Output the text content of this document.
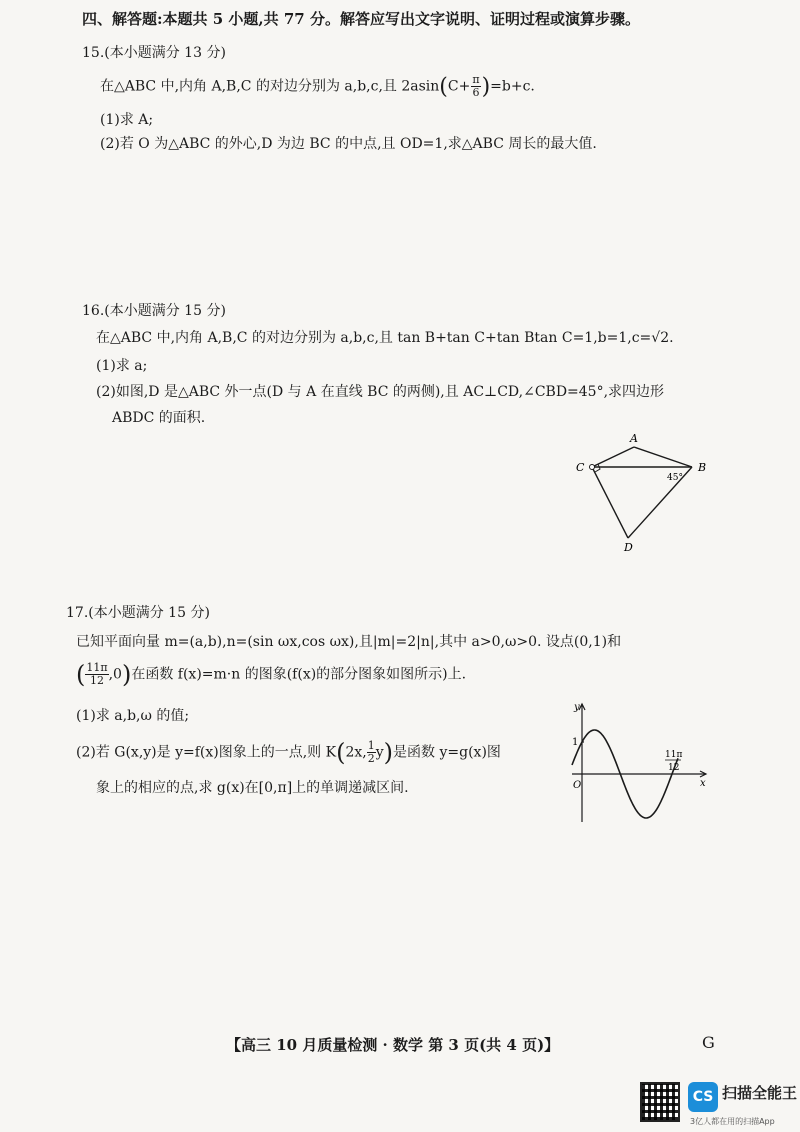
四、解答题:本题共 5 小题,共 77 分。解答应写出文字说明、证明过程或演算步骤。
15.(本小题满分 13 分)
在△ABC 中,内角 A,B,C 的对边分别为 a,b,c,且 $2asin(C+ \frac{\pi}{6} )=b+c$.
(1)求 A;
(2)若 O 为△ABC 的外心,D 为边 BC 的中点,且 OD=1,求△ABC 周长的最大值.
16.(本小题满分 15 分)
在△ABC 中,内角 A,B,C 的对边分别为 a,b,c,且 tan B+tan C+tan Btan C=1,b=1,c=√2.
(1)求 a;
(2)如图,D 是△ABC 外一点(D 与 A 在直线 BC 的两侧),且 AC⊥CD,∠CBD=45°,求四边形
ABDC 的面积.
A
B
C
D
45°
17.(本小题满分 15 分)
已知平面向量 m=(a,b),n=(sin ωx,cos ωx),且|m|=2|n|,其中 a>0,ω>0. 设点(0,1)和
( $\frac{11\pi}{12} ,0$)在函数 f(x)=m·n 的图象(f(x)的部分图象如图所示)上.
(1)求 a,b,ω 的值;
(2)若 G(x,y)是 y=f(x)图象上的一点,则 K(2x, $\frac{1}{2} y$)是函数 y=g(x)图
象上的相应的点,求 g(x)在[0,π]上的单调递减区间.
y
x
O
1
11π
12
【高三 10 月质量检测 · 数学 第 3 页(共 4 页)】	G
CS 扫描全能王
3亿人都在用的扫描App
